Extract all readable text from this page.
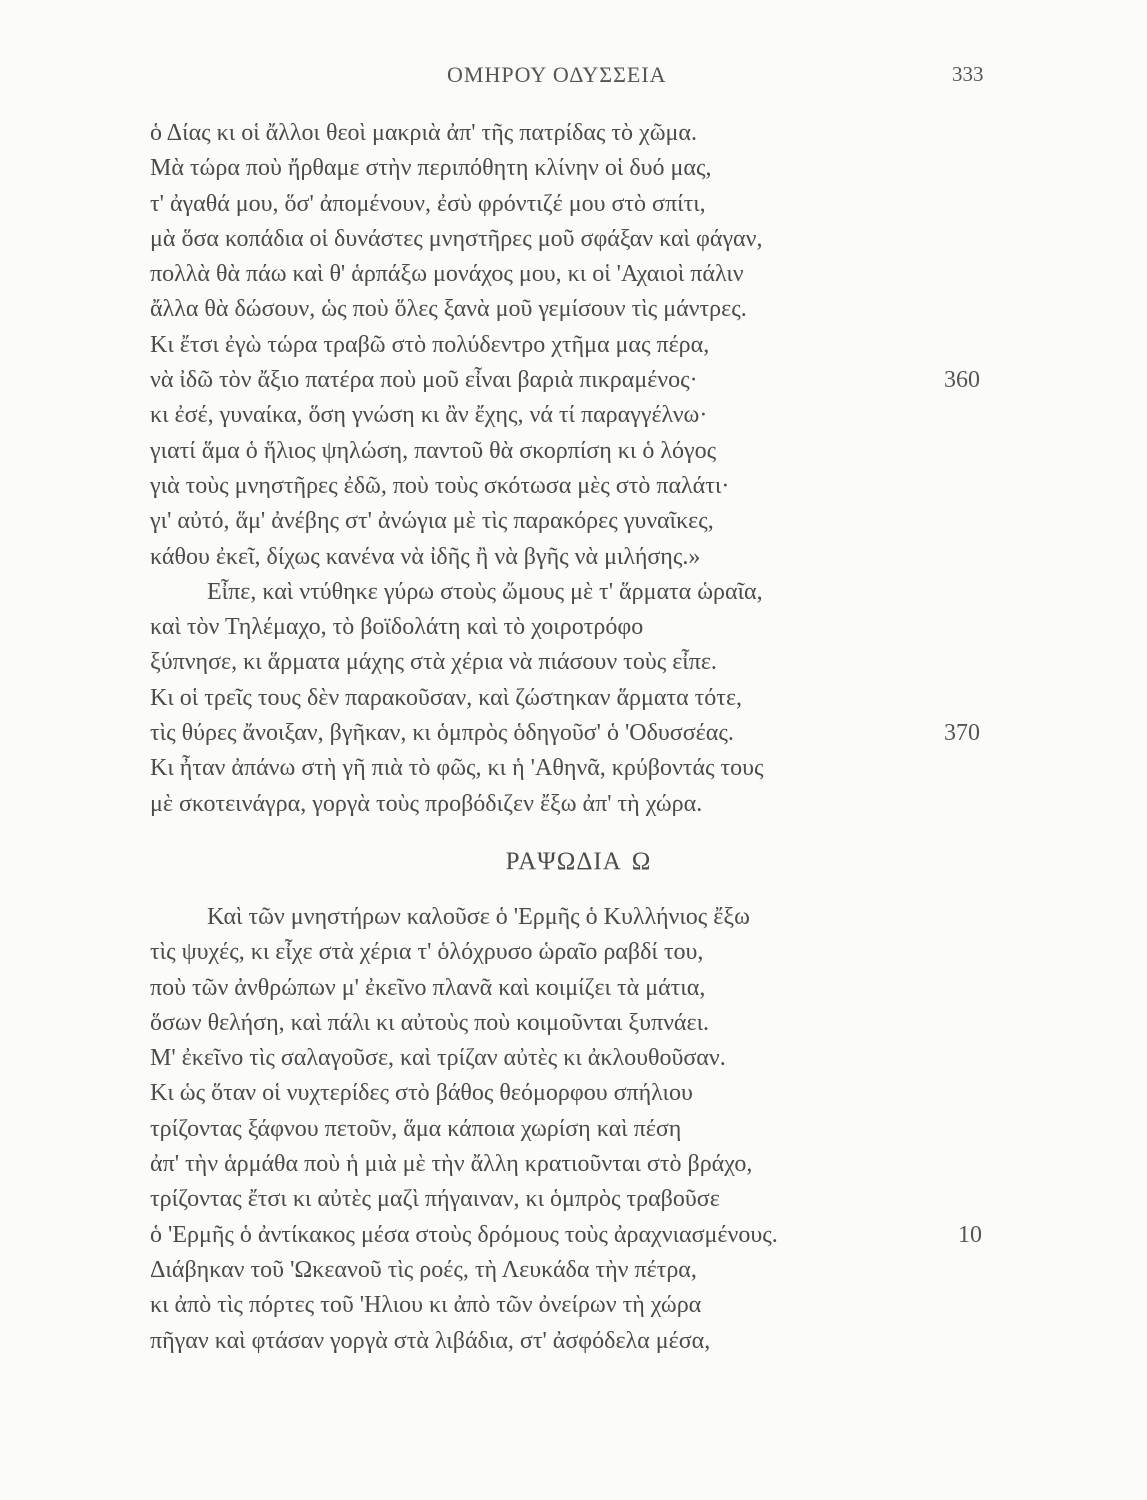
ΟΜΗΡΟΥ ΟΔΥΣΣΕΙΑ	333
ὁ Δίας κι οἱ ἄλλοι θεοὶ μακριὰ ἀπ' τῆς πατρίδας τὸ χῶμα.
Μὰ τώρα ποὺ ἤρθαμε στὴν περιπόθητη κλίνην οἱ δυό μας,
τ' ἀγαθά μου, ὅσ' ἀπομένουν, ἐσὺ φρόντιζέ μου στὸ σπίτι,
μὰ ὅσα κοπάδια οἱ δυνάστες μνηστῆρες μοῦ σφάξαν καὶ φάγαν,
πολλὰ θὰ πάω καὶ θ' ἁρπάξω μονάχος μου, κι οἱ 'Αχαιοὶ πάλιν
ἄλλα θὰ δώσουν, ὡς ποὺ ὅλες ξανὰ μοῦ γεμίσουν τὶς μάντρες.
Κι ἔτσι ἐγὼ τώρα τραβῶ στὸ πολύδεντρο χτῆμα μας πέρα,
νὰ ἰδῶ τὸν ἄξιο πατέρα ποὺ μοῦ εἶναι βαριὰ πικραμένος·	360
κι ἐσέ, γυναίκα, ὅση γνώση κι ἂν ἔχης, νά τί παραγγέλνω·
γιατί ἅμα ὁ ἥλιος ψηλώση, παντοῦ θὰ σκορπίση κι ὁ λόγος
γιὰ τοὺς μνηστῆρες ἐδῶ, ποὺ τοὺς σκότωσα μὲς στὸ παλάτι·
γι' αὐτό, ἅμ' ἀνέβης στ' ἀνώγια μὲ τὶς παρακόρες γυναῖκες,
κάθου ἐκεῖ, δίχως κανένα νὰ ἰδῆς ἢ νὰ βγῆς νὰ μιλήσης.»
Εἶπε, καὶ ντύθηκε γύρω στοὺς ὤμους μὲ τ' ἅρματα ὡραῖα,
καὶ τὸν Τηλέμαχο, τὸ βοϊδολάτη καὶ τὸ χοιροτρόφο
ξύπνησε, κι ἅρματα μάχης στὰ χέρια νὰ πιάσουν τοὺς εἶπε.
Κι οἱ τρεῖς τους δὲν παρακοῦσαν, καὶ ζώστηκαν ἅρματα τότε,
τὶς θύρες ἄνοιξαν, βγῆκαν, κι ὁμπρὸς ὁδηγοῦσ' ὁ 'Οδυσσέας.	370
Κι ἦταν ἀπάνω στὴ γῆ πιὰ τὸ φῶς, κι ἡ 'Αθηνᾶ, κρύβοντάς τους
μὲ σκοτεινάγρα, γοργὰ τοὺς προβόδιζεν ἔξω ἀπ' τὴ χώρα.
ΡΑΨΩΔΙΑ Ω
Καὶ τῶν μνηστήρων καλοῦσε ὁ 'Ερμῆς ὁ Κυλλήνιος ἔξω
τὶς ψυχές, κι εἶχε στὰ χέρια τ' ὁλόχρυσο ὡραῖο ραβδί του,
ποὺ τῶν ἀνθρώπων μ' ἐκεῖνο πλανᾶ καὶ κοιμίζει τὰ μάτια,
ὅσων θελήση, καὶ πάλι κι αὐτοὺς ποὺ κοιμοῦνται ξυπνάει.
Μ' ἐκεῖνο τὶς σαλαγοῦσε, καὶ τρίζαν αὐτὲς κι ἀκλουθοῦσαν.
Κι ὡς ὅταν οἱ νυχτερίδες στὸ βάθος θεόμορφου σπήλιου
τρίζοντας ξάφνου πετοῦν, ἅμα κάποια χωρίση καὶ πέση
ἀπ' τὴν ἁρμάθα ποὺ ἡ μιὰ μὲ τὴν ἄλλη κρατιοῦνται στὸ βράχο,
τρίζοντας ἔτσι κι αὐτὲς μαζὶ πήγαιναν, κι ὁμπρὸς τραβοῦσε
ὁ 'Ερμῆς ὁ ἀντίκακος μέσα στοὺς δρόμους τοὺς ἀραχνιασμένους.	10
Διάβηκαν τοῦ 'Ωκεανοῦ τὶς ροές, τὴ Λευκάδα τὴν πέτρα,
κι ἀπὸ τὶς πόρτες τοῦ 'Ηλιου κι ἀπὸ τῶν ὀνείρων τὴ χώρα
πῆγαν καὶ φτάσαν γοργὰ στὰ λιβάδια, στ' ἀσφόδελα μέσα,
